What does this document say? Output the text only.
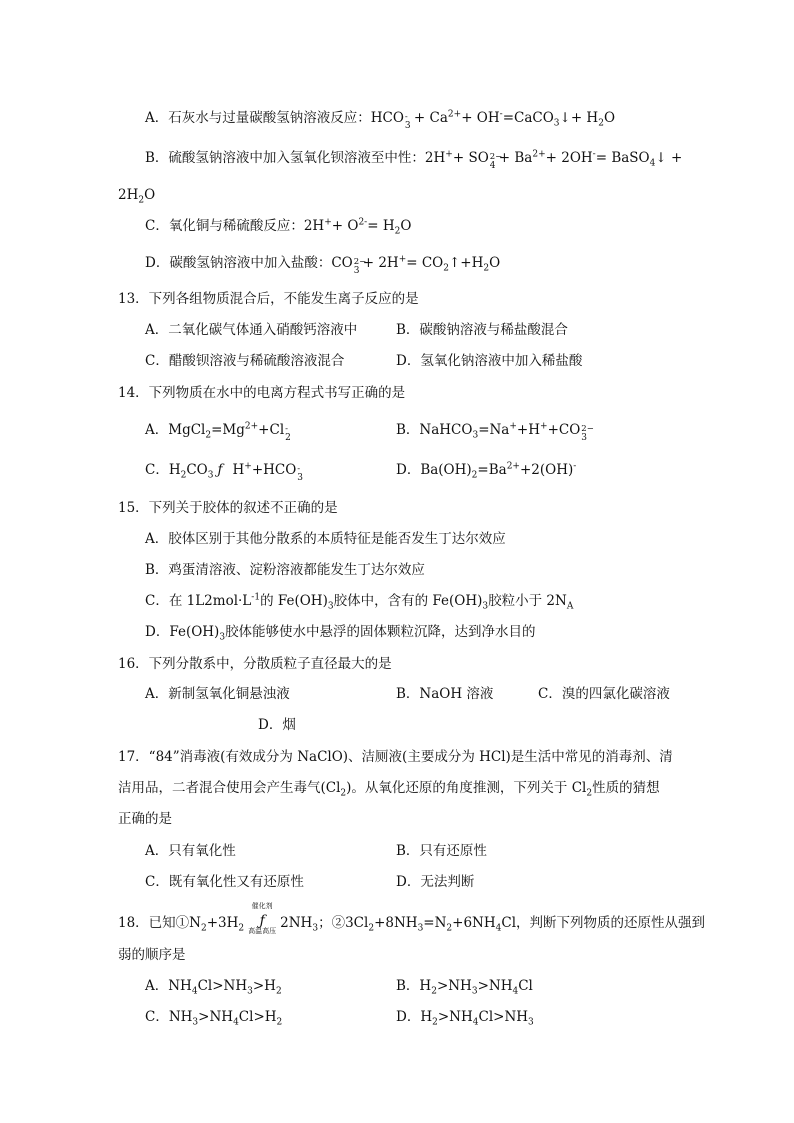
A．石灰水与过量碳酸氢钠溶液反应：HCO -
$3 + Ca^{2+}+$ OH-=CaCO$_3$↓+ $H_2O$
B．硫酸氢钠溶液中加入氢氧化钡溶液至中性：2H++ SO 2−
$4 + Ba^{2+}+ 2OH^-=$ BaSO$_4$↓ +
$2H_2O$
C．氧化铜与稀硫酸反应：$2H^++ O^{2-}= H_2O$
D．碳酸氢钠溶液中加入盐酸：CO 2−
$3 + 2H^+= CO_2↑+H_2O$
13．下列各组物质混合后，不能发生离子反应的是
A．二氧化碳气体通入硝酸钙溶液中	B．碳酸钠溶液与稀盐酸混合
C．醋酸钡溶液与稀硫酸溶液混合	D．氢氧化钠溶液中加入稀盐酸
14．下列物质在水中的电离方程式书写正确的是
A．$MgCl_2=Mg^{2+}+Cl$ -
2	B．NaHCO$_3$=Na++H++CO 2−
3
C．$H_2CO_3$ ƒ H++HCO -
3	D．$Ba(OH)_2=Ba^{2+}+2(OH)^-$
15．下列关于胶体的叙述不正确的是
A．胶体区别于其他分散系的本质特征是能否发生丁达尔效应
B．鸡蛋清溶液、淀粉溶液都能发生丁达尔效应
C．在 $1L2mol\cdot L^{-1}$的 $Fe(OH)_3$胶体中，含有的 $Fe(OH)_3$胶粒小于 $2N_A$
D．$Fe(OH)_3$胶体能够使水中悬浮的固体颗粒沉降，达到净水目的
16．下列分散系中，分散质粒子直径最大的是
A．新制氢氧化铜悬浊液	B．NaOH 溶液	C．溴的四氯化碳溶液
D．烟
17．“84”消毒液(有效成分为 NaClO)、洁厕液(主要成分为 HCl)是生活中常见的消毒剂、清
洁用品，二者混合使用会产生毒气$(Cl_2)$。从氧化还原的角度推测，下列关于 $Cl_2$性质的猜想
正确的是
A．只有氧化性	B．只有还原性
C．既有氧化性又有还原性	D．无法判断
18．已知$①N_2+3H_2$
催化剂
ƒ
高温高压 $2NH_3$；$②3Cl_2+8NH_3=N_2+6NH_4Cl$，判断下列物质的还原性从强到
弱的顺序是
A．$NH_4Cl>NH_3>H_2$	B．$H_2>NH_3>NH_4Cl$
C．$NH_3>NH_4Cl>H_2$	D．$H_2>NH_4Cl>NH_3$
